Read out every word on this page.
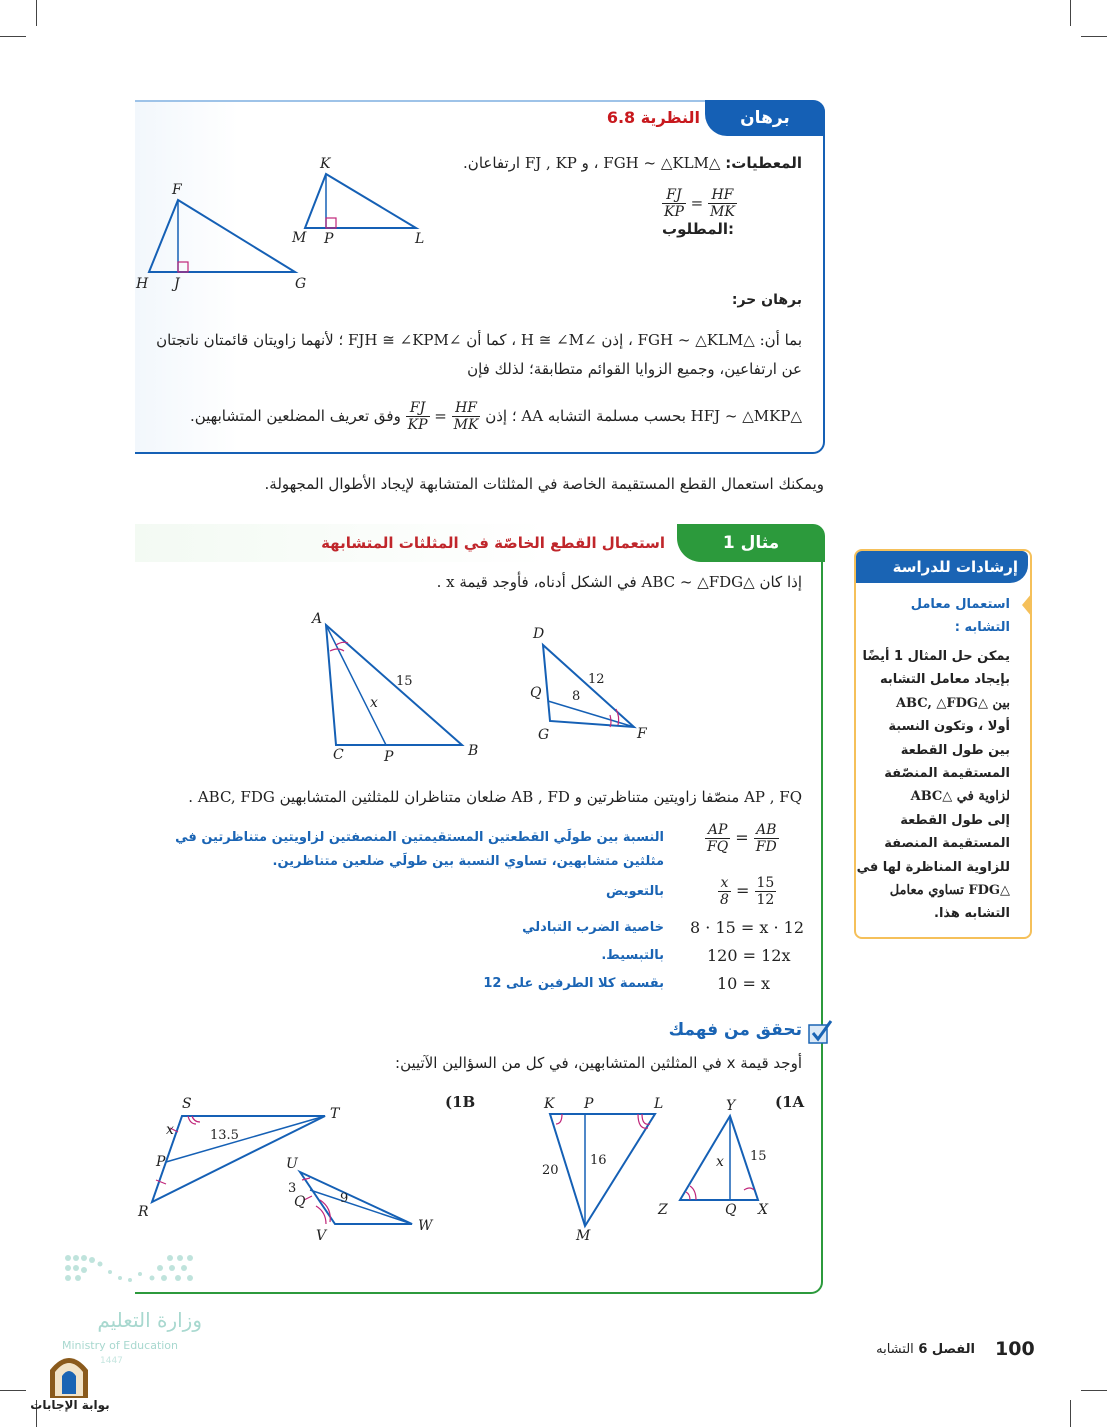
برهان
النظرية 6.8
المعطيات: △FGH ~ △KLM ، و FJ , KP ارتفاعان.
$\frac{FJ}{KP} = \frac{HF}{MK}$
المطلوب:
K
M P	L
F
H J	G
برهان حر:
بما أن: △FGH ~ △KLM ، إذن ∠H ≅ ∠M ، كما أن ∠FJH ≅ ∠KPM ؛ لأنهما زاويتان قائمتان ناتجتان
عن ارتفاعين، وجميع الزوايا القوائم متطابقة؛ لذلك فإن
△HFJ ~ △MKP بحسب مسلمة التشابه AA ؛ إذن
$\frac{FJ}{KP} = \frac{HF}{MK}$
وفق تعريف المضلعين المتشابهين.
ويمكنك استعمال القطع المستقيمة الخاصة في المثلثات المتشابهة لإيجاد الأطوال المجهولة.
مثال 1
استعمال القطع الخاصّة في المثلثات المتشابهة
إذا كان △ABC ~ △FDG في الشكل أدناه، فأوجد قيمة x .
A
C	P	B
x
15
D
Q
G	F
12
8
AP , FQ منصّفا زاويتين متناظرتين و AB , FD ضلعان متناظران للمثلثين المتشابهين ABC, FDG .
$\frac{AP}{FQ} = \frac{AB}{FD}$
النسبة بين طولَي القطعتين المستقيمتين المنصفتين لزاويتين متناظرتين في مثلثين متشابهين، تساوي النسبة بين طولَي ضلعين متناظرين.
$\frac{x}{8} = \frac{15}{12}$
بالتعويض
8 · 15 = x · 12
خاصية الضرب التبادلي
120 = 12x
بالتبسيط.
10 = x
بقسمة كلا الطرفين على 12
تحقق من فهمك
أوجد قيمة x في المثلثين المتشابهين، في كل من السؤالين الآتيين:
(1A
(1B	Y
Z	Q X
x 15
K P	L
M
20
16
S
T
P
R
x	13.5
U
Q
V
W
3
9
إرشادات للدراسة
استعمال معامل
التشابه :
يمكن حل المثال 1 أيضًا
بإيجاد معامل التشابه
بين △ABC, △FDG
أولا ، وتكون النسبة
بين طول القطعة
المستقيمة المنصّفة
لزاوية في △ABC
إلى طول القطعة
المستقيمة المنصفة
للزاوية المناظرة لها في
△FDG تساوي معامل
التشابه هذا.
100
الفصل 6 التشابه
وزارة التعليم
Ministry of Education
1447
بوابة الإجابات
